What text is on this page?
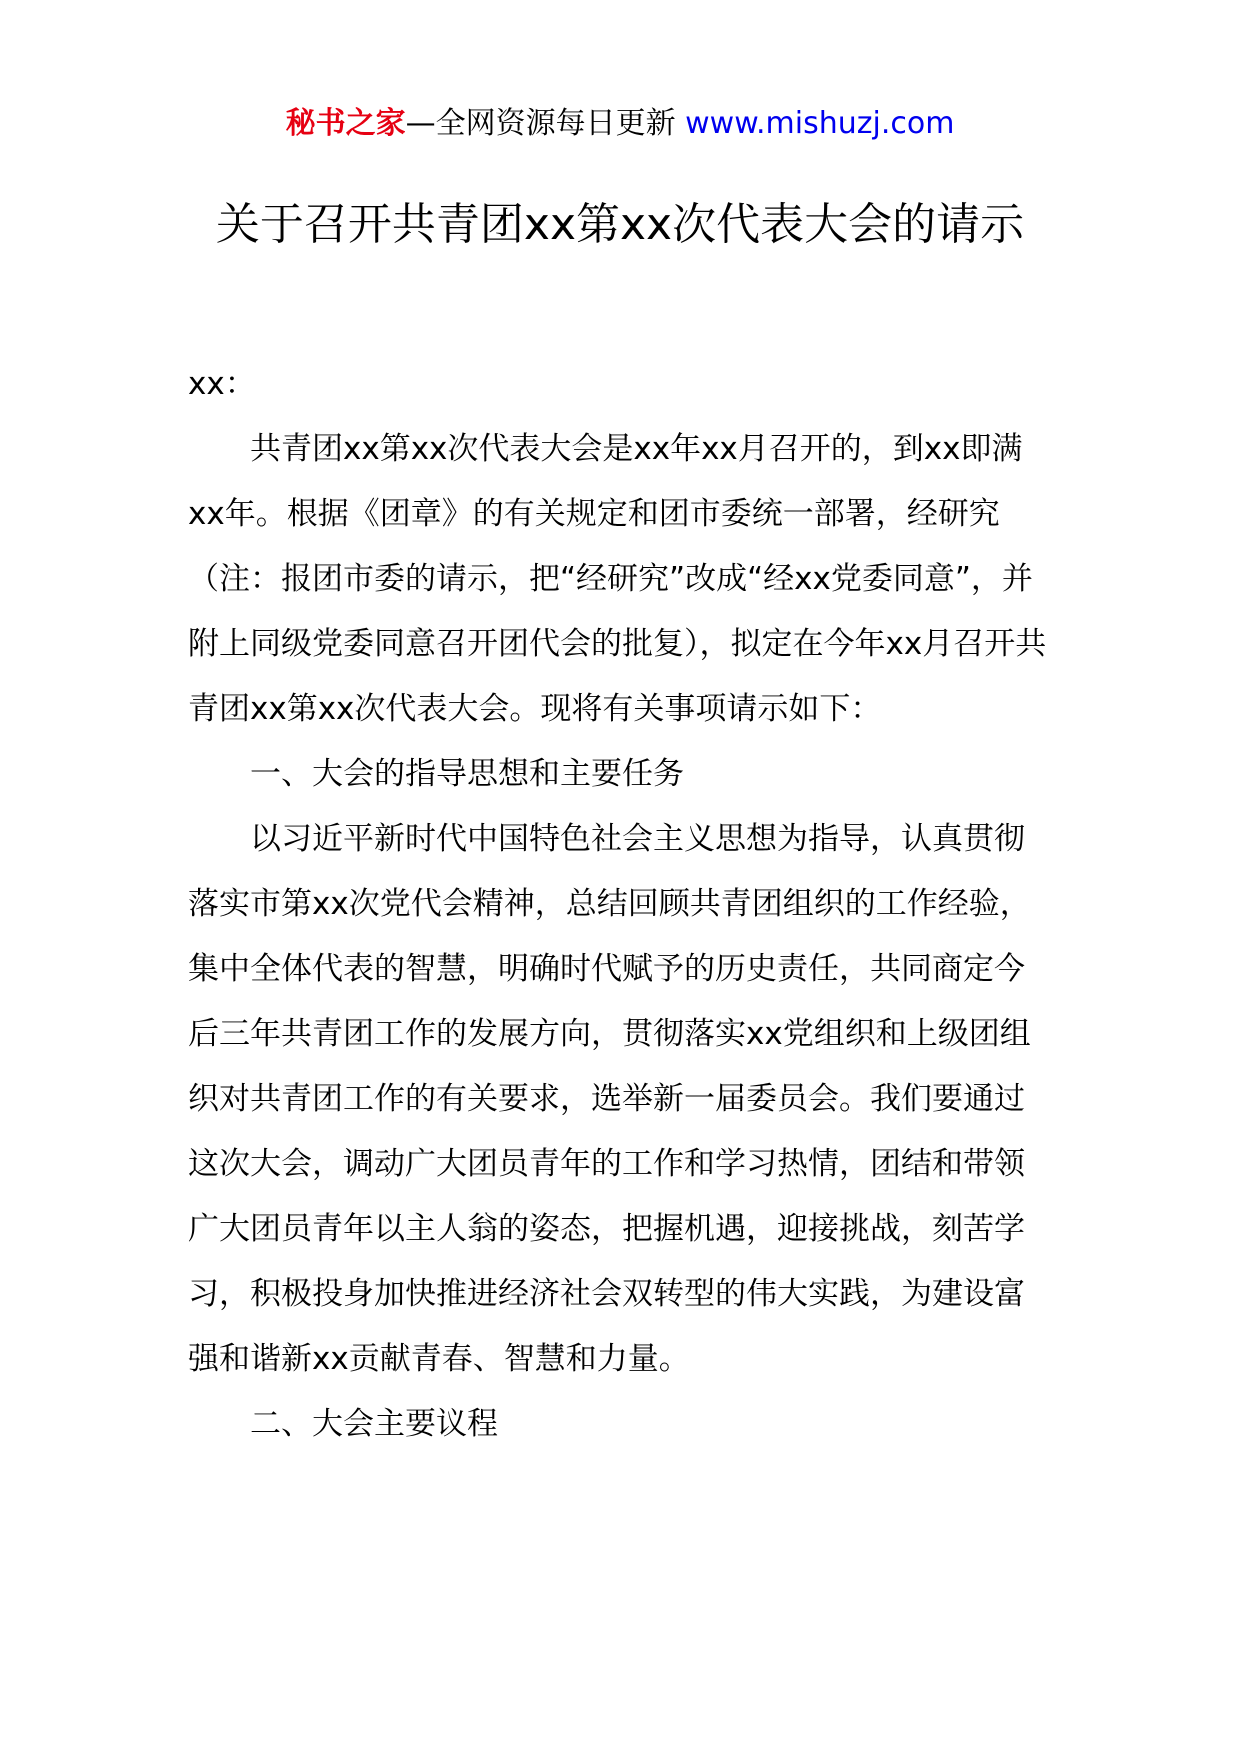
秘书之家—全网资源每日更新 www.mishuzj.com
关于召开共青团xx第xx次代表大会的请示

xx：

共青团xx第xx次代表大会是xx年xx月召开的，到xx即满xx年。根据《团章》的有关规定和团市委统一部署，经研究（注：报团市委的请示，把“经研究”改成“经xx党委同意”，并附上同级党委同意召开团代会的批复），拟定在今年xx月召开共青团xx第xx次代表大会。现将有关事项请示如下：

一、大会的指导思想和主要任务

以习近平新时代中国特色社会主义思想为指导，认真贯彻落实市第xx次党代会精神，总结回顾共青团组织的工作经验，集中全体代表的智慧，明确时代赋予的历史责任，共同商定今后三年共青团工作的发展方向，贯彻落实xx党组织和上级团组织对共青团工作的有关要求，选举新一届委员会。我们要通过这次大会，调动广大团员青年的工作和学习热情，团结和带领广大团员青年以主人翁的姿态，把握机遇，迎接挑战，刻苦学习，积极投身加快推进经济社会双转型的伟大实践，为建设富强和谐新xx贡献青春、智慧和力量。

二、大会主要议程
